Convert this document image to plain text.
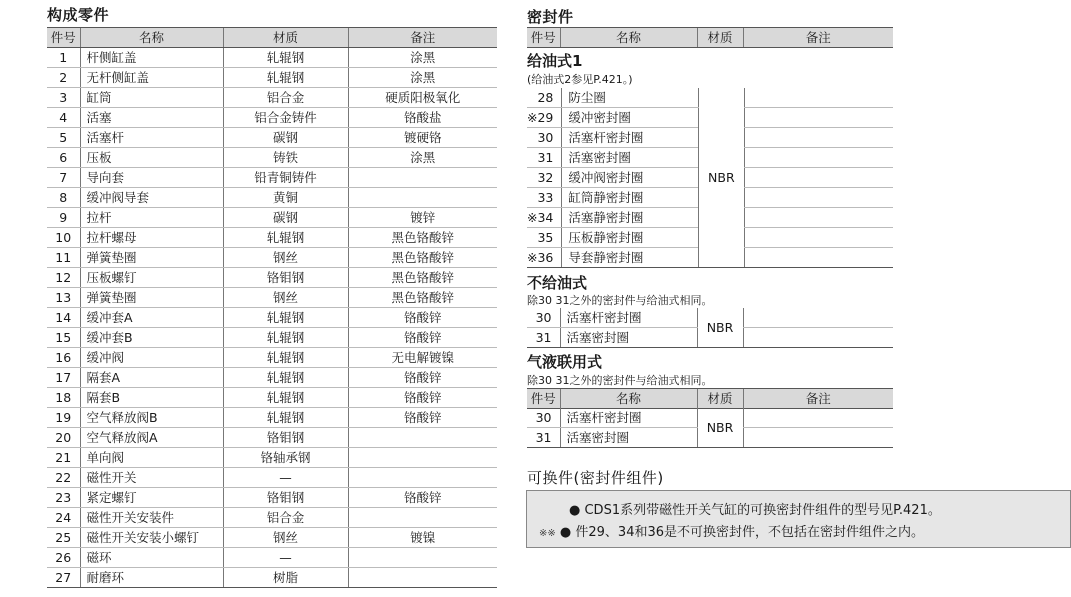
构成零件
件号	名称	材质	备注
1	杆侧缸盖	轧辊钢	涂黑
2	无杆侧缸盖	轧辊钢	涂黑
3	缸筒	铝合金	硬质阳极氧化
4	活塞	铝合金铸件	铬酸盐
5	活塞杆	碳钢	镀硬铬
6	压板	铸铁	涂黑
7	导向套	铅青铜铸件	
8	缓冲阀导套	黄铜	
9	拉杆	碳钢	镀锌
10	拉杆螺母	轧辊钢	黑色铬酸锌
11	弹簧垫圈	钢丝	黑色铬酸锌
12	压板螺钉	铬钼钢	黑色铬酸锌
13	弹簧垫圈	钢丝	黑色铬酸锌
14	缓冲套A	轧辊钢	铬酸锌
15	缓冲套B	轧辊钢	铬酸锌
16	缓冲阀	轧辊钢	无电解镀镍
17	隔套A	轧辊钢	铬酸锌
18	隔套B	轧辊钢	铬酸锌
19	空气释放阀B	轧辊钢	铬酸锌
20	空气释放阀A	铬钼钢	
21	单向阀	铬轴承钢	
22	磁性开关	—	
23	紧定螺钉	铬钼钢	铬酸锌
24	磁性开关安装件	铝合金	
25	磁性开关安装小螺钉	钢丝	镀镍
26	磁环	—	
27	耐磨环	树脂	
密封件
件号	名称	材质	备注
给油式1
(给油式2参见P.421。)
28	防尘圈	NBR	
※29	缓冲密封圈		
30	活塞杆密封圈		
31	活塞密封圈		
32	缓冲阀密封圈		
33	缸筒静密封圈		
※34	活塞静密封圈		
35	压板静密封圈		
※36	导套静密封圈		
不给油式
除30 31之外的密封件与给油式相同。
30	活塞杆密封圈	NBR	
31	活塞密封圈		
气液联用式
除30 31之外的密封件与给油式相同。
件号	名称	材质	备注
30	活塞杆密封圈	NBR	
31	活塞密封圈		
可换件(密封件组件)
● CDS1系列带磁性开关气缸的可换密封件组件的型号见P.421。
※※ ● 件29、34和36是不可换密封件，不包括在密封件组件之内。
